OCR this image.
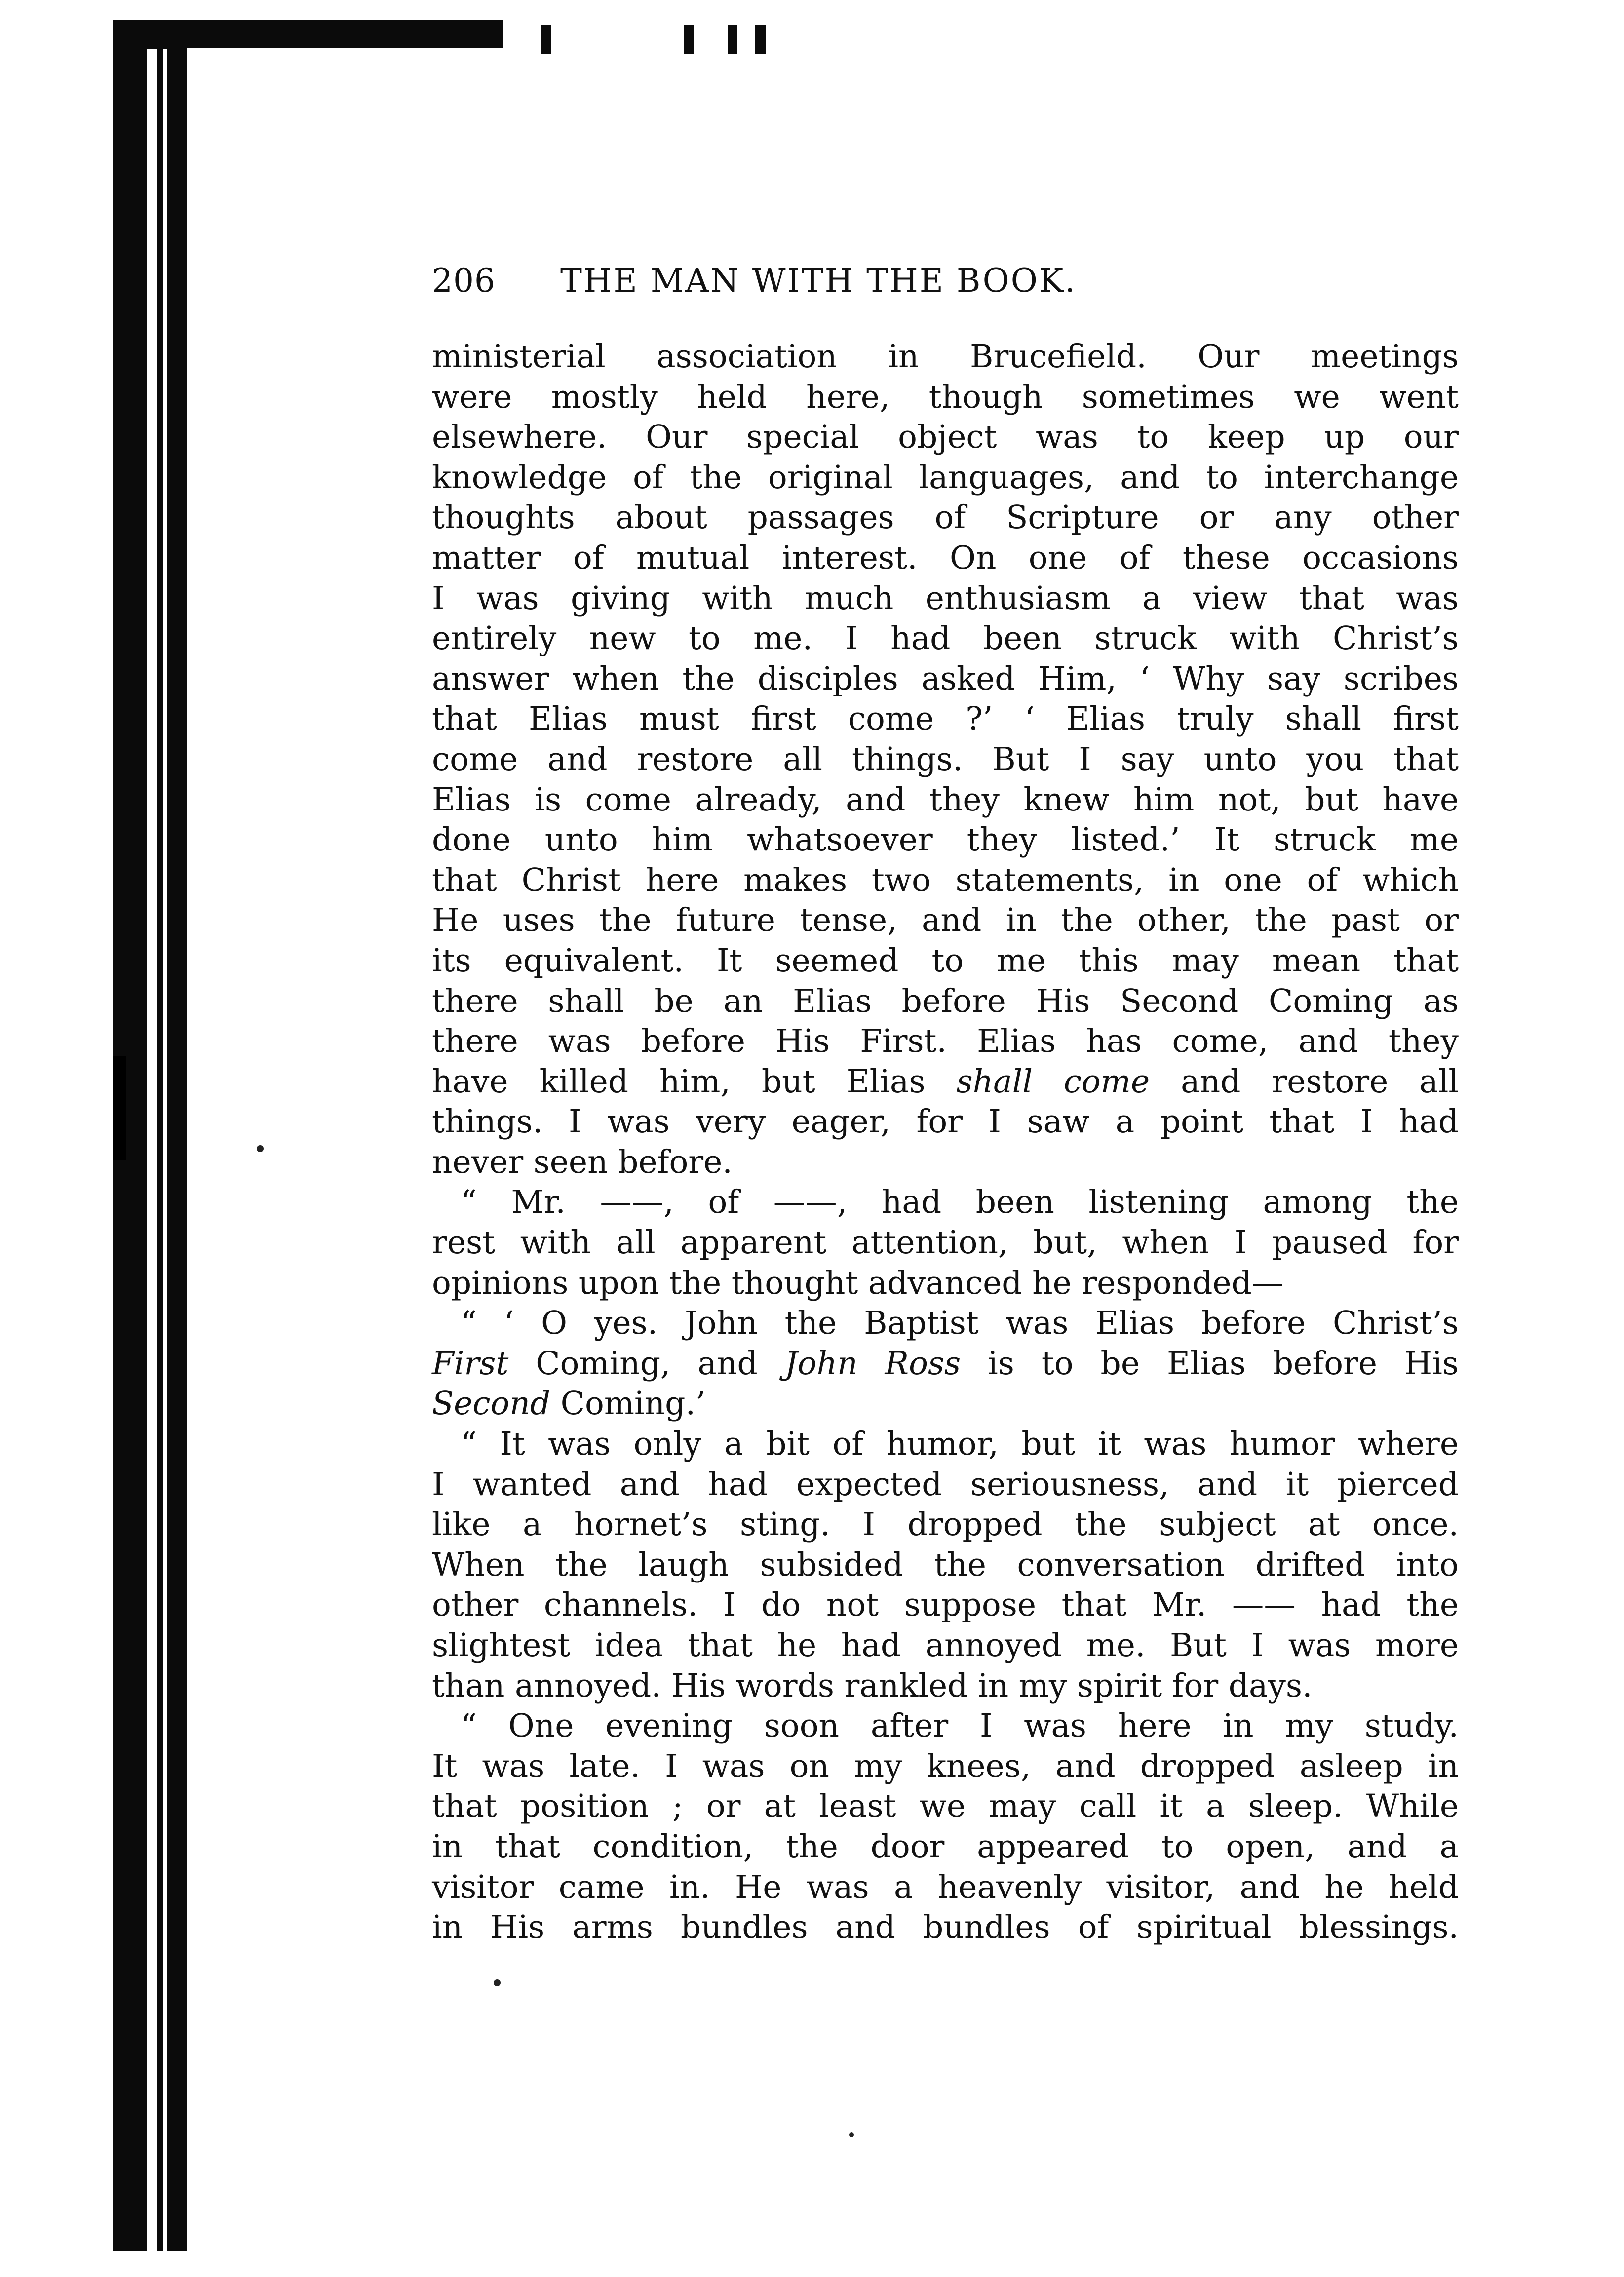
206	THE MAN WITH THE BOOK.
ministerial association in Brucefield. Our meetings
were mostly held here, though sometimes we went
elsewhere. Our special object was to keep up our
knowledge of the original languages, and to interchange
thoughts about passages of Scripture or any other
matter of mutual interest. On one of these occasions
I was giving with much enthusiasm a view that was
entirely new to me. I had been struck with Christ’s
answer when the disciples asked Him, ‘ Why say scribes
that Elias must first come ?’ ‘ Elias truly shall first
come and restore all things. But I say unto you that
Elias is come already, and they knew him not, but have
done unto him whatsoever they listed.’ It struck me
that Christ here makes two statements, in one of which
He uses the future tense, and in the other, the past or
its equivalent. It seemed to me this may mean that
there shall be an Elias before His Second Coming as
there was before His First. Elias has come, and they
have killed him, but Elias shall come and restore all
things. I was very eager, for I saw a point that I had
never seen before.
“ Mr. ——, of ——, had been listening among the
rest with all apparent attention, but, when I paused for
opinions upon the thought advanced he responded—
“ ‘ O yes. John the Baptist was Elias before Christ’s
First Coming, and John Ross is to be Elias before His
Second Coming.’
“ It was only a bit of humor, but it was humor where
I wanted and had expected seriousness, and it pierced
like a hornet’s sting. I dropped the subject at once.
When the laugh subsided the conversation drifted into
other channels. I do not suppose that Mr. —— had the
slightest idea that he had annoyed me. But I was more
than annoyed. His words rankled in my spirit for days.
“ One evening soon after I was here in my study.
It was late. I was on my knees, and dropped asleep in
that position ; or at least we may call it a sleep. While
in that condition, the door appeared to open, and a
visitor came in. He was a heavenly visitor, and he held
in His arms bundles and bundles of spiritual blessings.
